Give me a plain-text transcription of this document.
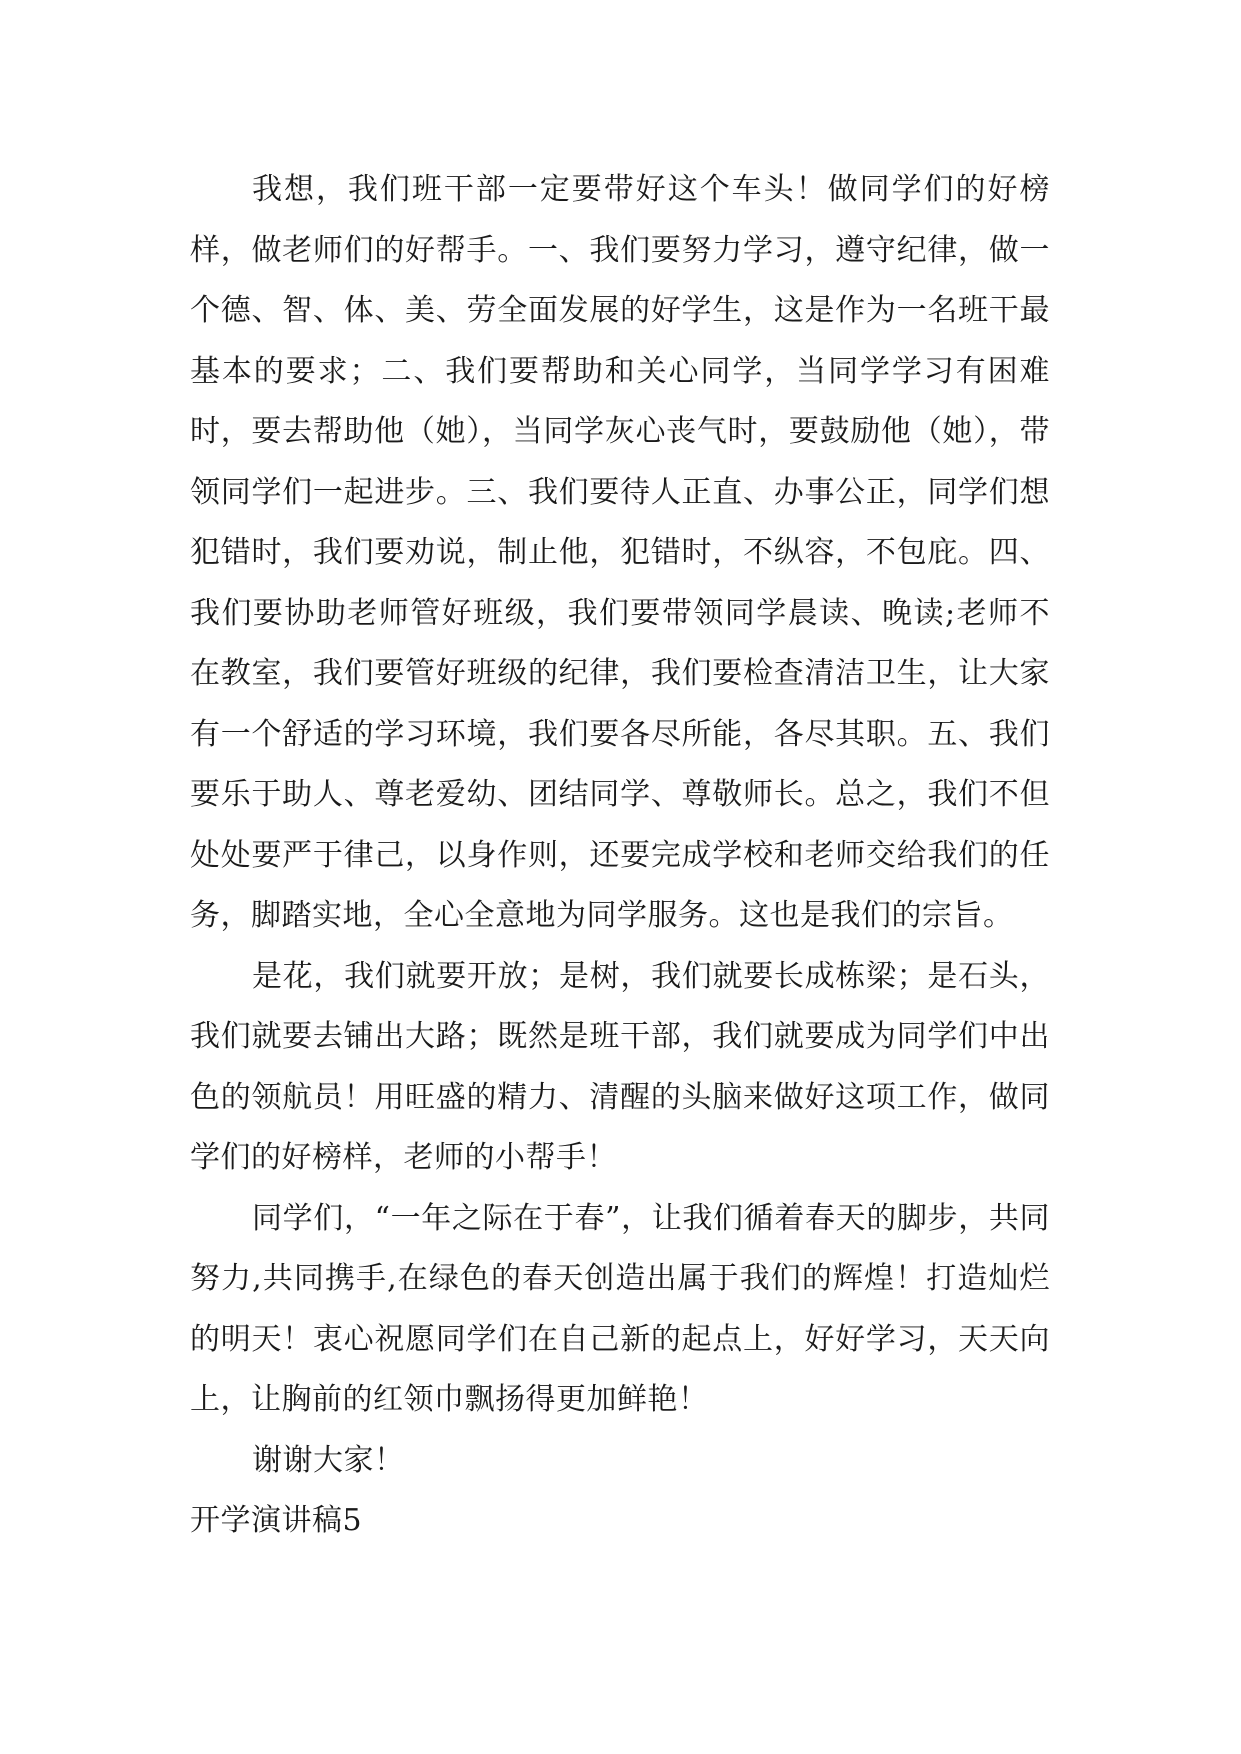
我想，我们班干部一定要带好这个车头！做同学们的好榜样，做老师们的好帮手。一、我们要努力学习，遵守纪律，做一个德、智、体、美、劳全面发展的好学生，这是作为一名班干最基本的要求；二、我们要帮助和关心同学，当同学学习有困难时，要去帮助他（她），当同学灰心丧气时，要鼓励他（她），带领同学们一起进步。三、我们要待人正直、办事公正，同学们想犯错时，我们要劝说，制止他，犯错时，不纵容，不包庇。四、我们要协助老师管好班级，我们要带领同学晨读、晚读;老师不在教室，我们要管好班级的纪律，我们要检查清洁卫生，让大家有一个舒适的学习环境，我们要各尽所能，各尽其职。五、我们要乐于助人、尊老爱幼、团结同学、尊敬师长。总之，我们不但处处要严于律己，以身作则，还要完成学校和老师交给我们的任务，脚踏实地，全心全意地为同学服务。这也是我们的宗旨。

是花，我们就要开放；是树，我们就要长成栋梁；是石头，我们就要去铺出大路；既然是班干部，我们就要成为同学们中出色的领航员！用旺盛的精力、清醒的头脑来做好这项工作，做同学们的好榜样，老师的小帮手！

同学们，“一年之际在于春”，让我们循着春天的脚步，共同努力,共同携手,在绿色的春天创造出属于我们的辉煌！打造灿烂的明天！衷心祝愿同学们在自己新的起点上，好好学习，天天向上，让胸前的红领巾飘扬得更加鲜艳！

谢谢大家！

开学演讲稿5
